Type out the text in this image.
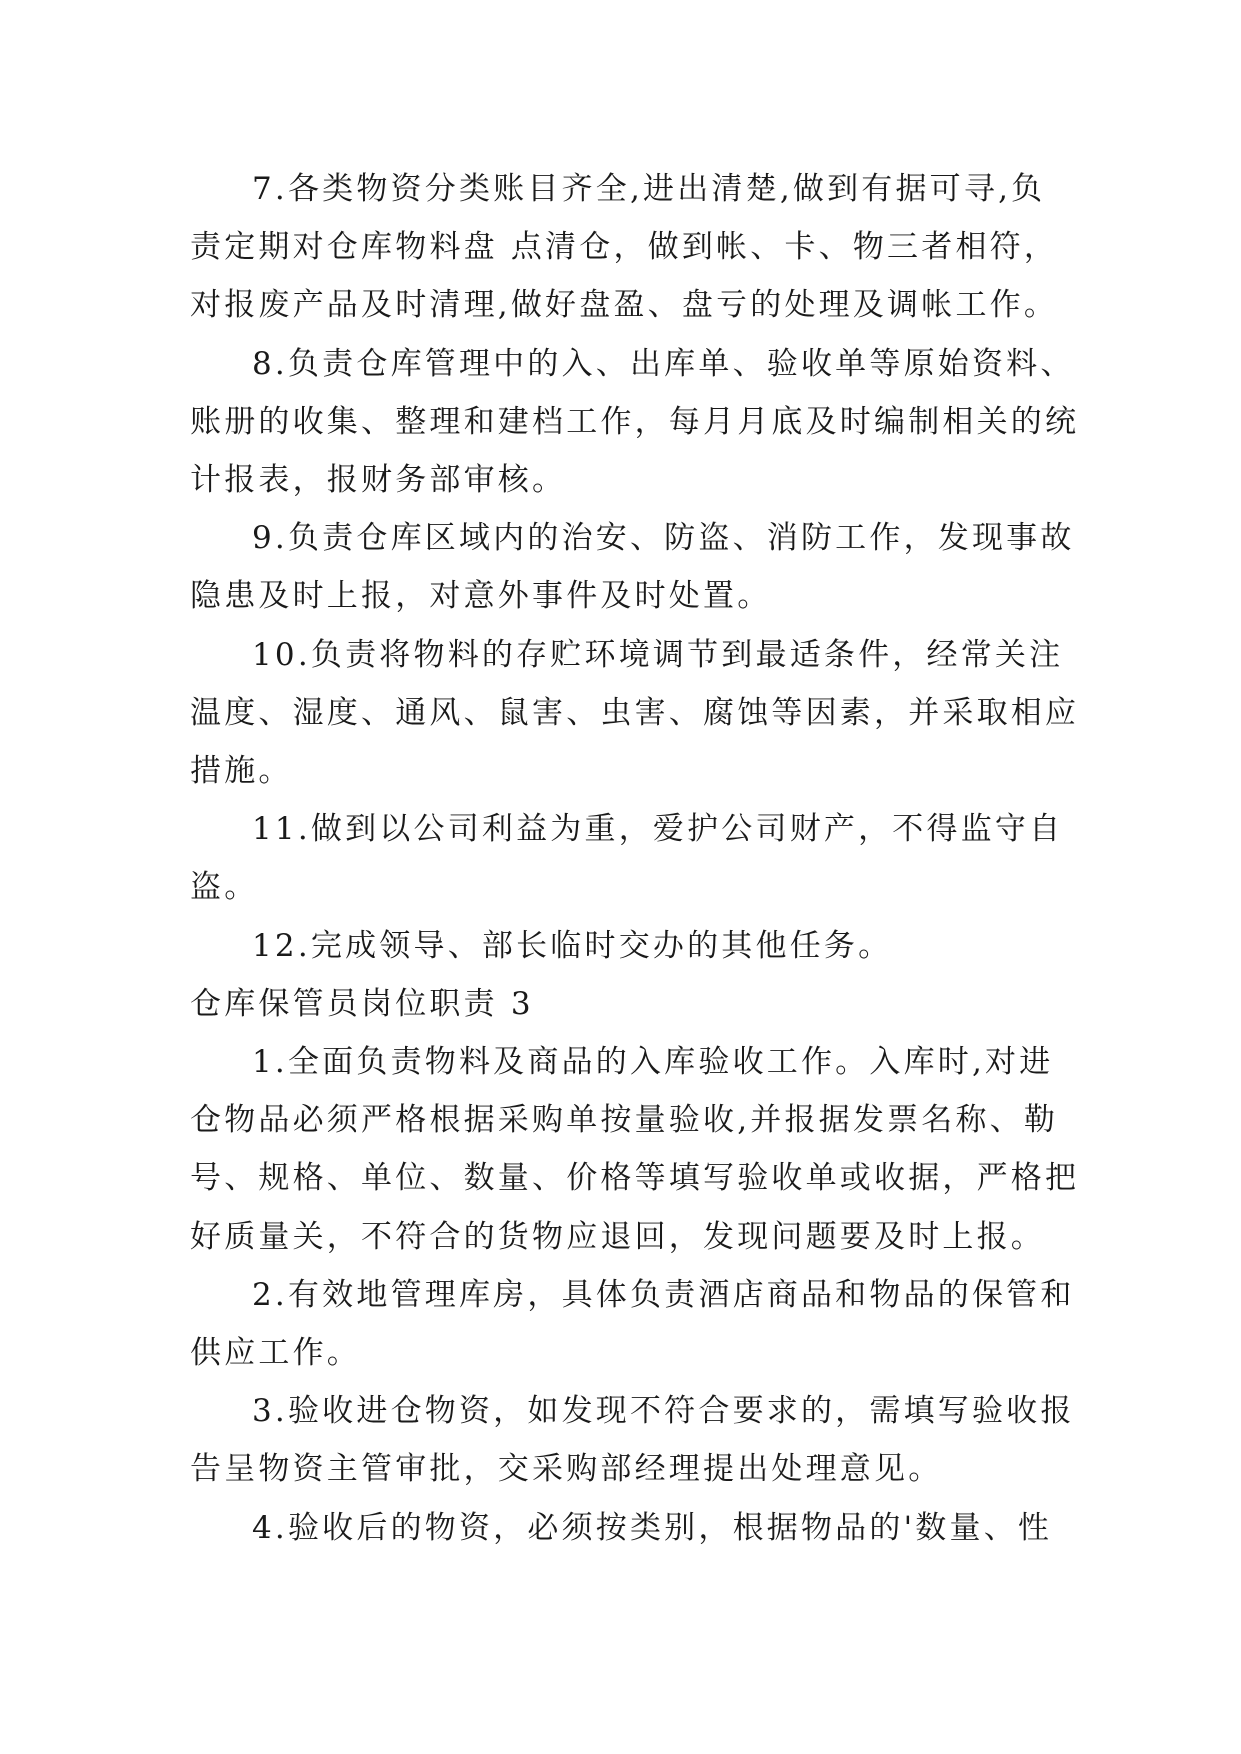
7.各类物资分类账目齐全,进出清楚,做到有据可寻,负
责定期对仓库物料盘 点清仓，做到帐、卡、物三者相符，
对报废产品及时清理,做好盘盈、盘亏的处理及调帐工作。

8.负责仓库管理中的入、出库单、验收单等原始资料、
账册的收集、整理和建档工作，每月月底及时编制相关的统
计报表，报财务部审核。

9.负责仓库区域内的治安、防盗、消防工作，发现事故
隐患及时上报，对意外事件及时处置。

10.负责将物料的存贮环境调节到最适条件，经常关注
温度、湿度、通风、鼠害、虫害、腐蚀等因素，并采取相应
措施。

11.做到以公司利益为重，爱护公司财产，不得监守自
盗。

12.完成领导、部长临时交办的其他任务。

仓库保管员岗位职责 3

1.全面负责物料及商品的入库验收工作。入库时,对进
仓物品必须严格根据采购单按量验收,并报据发票名称、勒
号、规格、单位、数量、价格等填写验收单或收据，严格把
好质量关，不符合的货物应退回，发现问题要及时上报。

2.有效地管理库房，具体负责酒店商品和物品的保管和
供应工作。

3.验收进仓物资，如发现不符合要求的，需填写验收报
告呈物资主管审批，交采购部经理提出处理意见。

4.验收后的物资，必须按类别，根据物品的'数量、性
